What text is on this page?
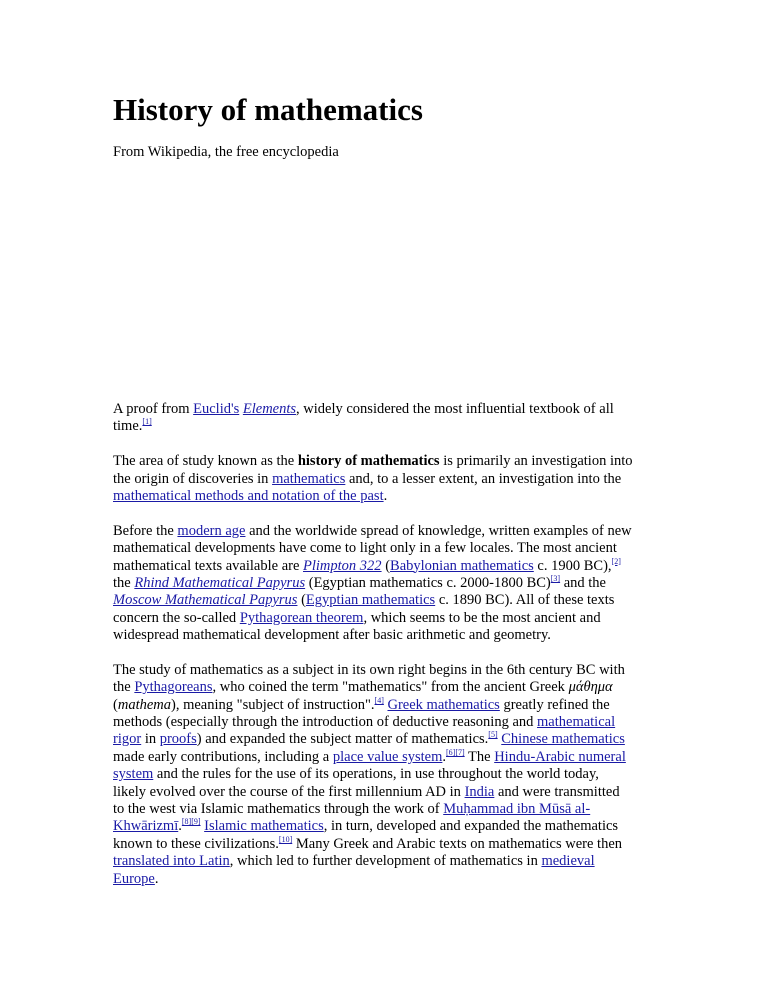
History of mathematics

From Wikipedia, the free encyclopedia

A proof from Euclid's Elements, widely considered the most influential textbook of all
time.[1]
The area of study known as the history of mathematics is primarily an investigation into
the origin of discoveries in mathematics and, to a lesser extent, an investigation into the
mathematical methods and notation of the past.
Before the modern age and the worldwide spread of knowledge, written examples of new
mathematical developments have come to light only in a few locales. The most ancient
mathematical texts available are Plimpton 322 (Babylonian mathematics c. 1900 BC),[2]
the Rhind Mathematical Papyrus (Egyptian mathematics c. 2000-1800 BC)[3] and the
Moscow Mathematical Papyrus (Egyptian mathematics c. 1890 BC). All of these texts
concern the so-called Pythagorean theorem, which seems to be the most ancient and
widespread mathematical development after basic arithmetic and geometry.
The study of mathematics as a subject in its own right begins in the 6th century BC with
the Pythagoreans, who coined the term "mathematics" from the ancient Greek μάθημα
(mathema), meaning "subject of instruction".[4] Greek mathematics greatly refined the
methods (especially through the introduction of deductive reasoning and mathematical
rigor in proofs) and expanded the subject matter of mathematics.[5] Chinese mathematics
made early contributions, including a place value system.[6][7] The Hindu-Arabic numeral
system and the rules for the use of its operations, in use throughout the world today,
likely evolved over the course of the first millennium AD in India and were transmitted
to the west via Islamic mathematics through the work of Muḥammad ibn Mūsā al-
Khwārizmī.[8][9] Islamic mathematics, in turn, developed and expanded the mathematics
known to these civilizations.[10] Many Greek and Arabic texts on mathematics were then
translated into Latin, which led to further development of mathematics in medieval
Europe.
